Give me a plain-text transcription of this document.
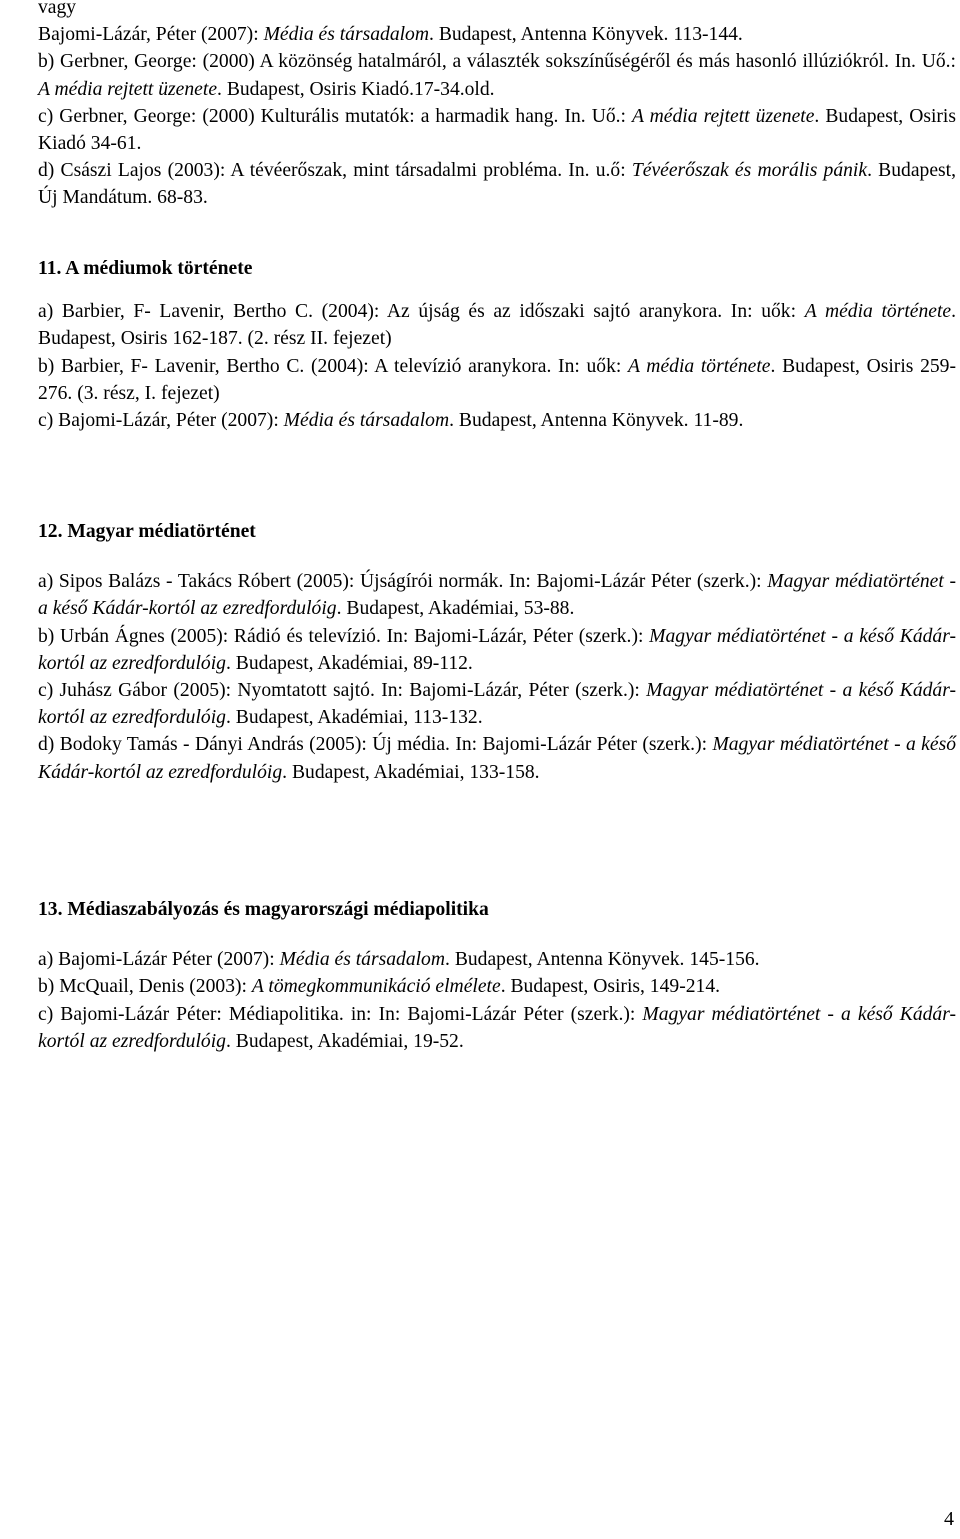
vagy

Bajomi-Lázár, Péter (2007): Média és társadalom. Budapest, Antenna Könyvek. 113-144.

b) Gerbner, George: (2000) A közönség hatalmáról, a választék sokszínűségéről és más hasonló illúziókról. In. Uő.: A média rejtett üzenete. Budapest, Osiris Kiadó.17-34.old.

c) Gerbner, George: (2000) Kulturális mutatók: a harmadik hang. In. Uő.: A média rejtett üzenete. Budapest, Osiris Kiadó 34-61.

d) Császi Lajos (2003): A tévéerőszak, mint társadalmi probléma. In. u.ő: Tévéerőszak és morális pánik. Budapest, Új Mandátum. 68-83.

11. A médiumok története

a) Barbier, F- Lavenir, Bertho C. (2004): Az újság és az időszaki sajtó aranykora. In: uők: A média története. Budapest, Osiris 162-187. (2. rész II. fejezet)

b) Barbier, F- Lavenir, Bertho C. (2004): A televízió aranykora. In: uők: A média története. Budapest, Osiris 259-276. (3. rész, I. fejezet)

c) Bajomi-Lázár, Péter (2007): Média és társadalom. Budapest, Antenna Könyvek. 11-89.

12. Magyar médiatörténet

a) Sipos Balázs - Takács Róbert (2005): Újságírói normák. In: Bajomi-Lázár Péter (szerk.): Magyar médiatörténet - a késő Kádár-kortól az ezredfordulóig. Budapest, Akadémiai, 53-88.

b) Urbán Ágnes (2005): Rádió és televízió. In: Bajomi-Lázár, Péter (szerk.): Magyar médiatörténet - a késő Kádár-kortól az ezredfordulóig. Budapest, Akadémiai, 89-112.

c) Juhász Gábor (2005): Nyomtatott sajtó. In: Bajomi-Lázár, Péter (szerk.): Magyar médiatörténet - a késő Kádár-kortól az ezredfordulóig. Budapest, Akadémiai, 113-132.

d) Bodoky Tamás - Dányi András (2005): Új média. In: Bajomi-Lázár Péter (szerk.): Magyar médiatörténet - a késő Kádár-kortól az ezredfordulóig. Budapest, Akadémiai, 133-158.

13. Médiaszabályozás és magyarországi médiapolitika

a) Bajomi-Lázár Péter (2007): Média és társadalom. Budapest, Antenna Könyvek. 145-156.

b) McQuail, Denis (2003): A tömegkommunikáció elmélete. Budapest, Osiris, 149-214.

c) Bajomi-Lázár Péter: Médiapolitika. in: In: Bajomi-Lázár Péter (szerk.): Magyar médiatörténet - a késő Kádár-kortól az ezredfordulóig. Budapest, Akadémiai, 19-52.

4
